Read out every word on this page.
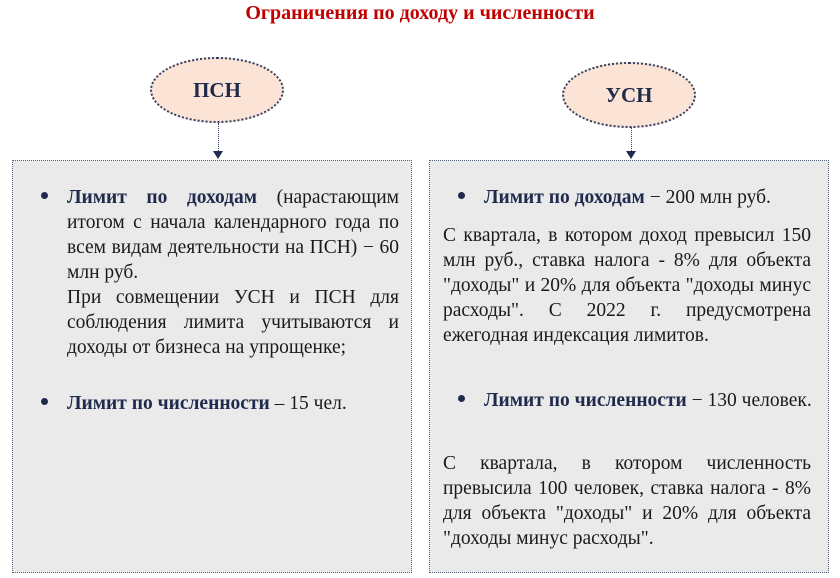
Ограничения по доходу и численности
ПСН	УСН
Лимит по доходам (нарастающим итогом с начала календарного года по всем видам деятельности на ПСН) − 60 млн руб.
При совмещении УСН и ПСН для соблюдения лимита учитываются и доходы от бизнеса на упрощенке;
Лимит по численности – 15 чел.
Лимит по доходам − 200 млн руб.
С квартала, в котором доход превысил 150 млн руб., ставка налога - 8% для объекта "доходы" и 20% для объекта "доходы минус расходы". С 2022 г. предусмотрена ежегодная индексация лимитов.
Лимит по численности − 130 человек.
С квартала, в котором численность превысила 100 человек, ставка налога - 8% для объекта "доходы" и 20% для объекта "доходы минус расходы".
